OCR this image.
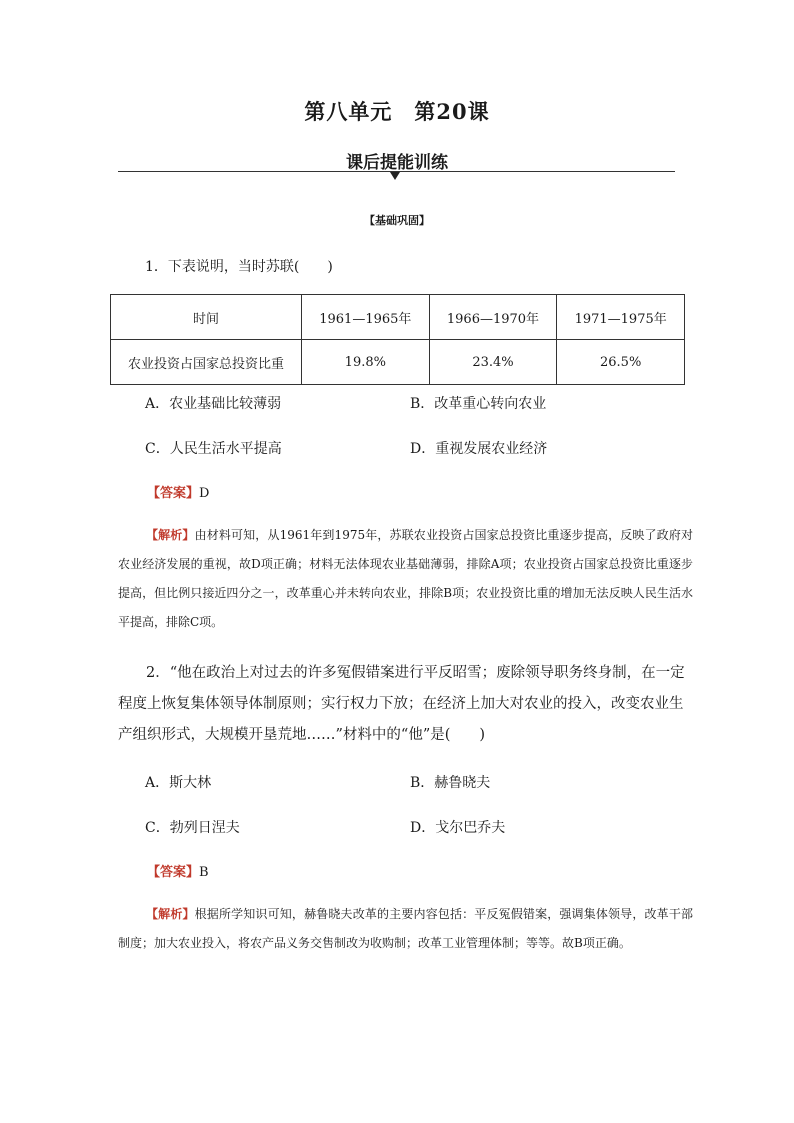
第八单元　第20课
课后提能训练
【基础巩固】
1．下表说明，当时苏联(　　)
时间	1961—1965年	1966—1970年	1971—1975年
农业投资占国家总投资比重	19.8%	23.4%	26.5%
A．农业基础比较薄弱	B．改革重心转向农业
C．人民生活水平提高	D．重视发展农业经济
【答案】D
【解析】由材料可知，从1961年到1975年，苏联农业投资占国家总投资比重逐步提高，反映了政府对农业经济发展的重视，故D项正确；材料无法体现农业基础薄弱，排除A项；农业投资占国家总投资比重逐步提高，但比例只接近四分之一，改革重心并未转向农业，排除B项；农业投资比重的增加无法反映人民生活水平提高，排除C项。
2．“他在政治上对过去的许多冤假错案进行平反昭雪；废除领导职务终身制，在一定程度上恢复集体领导体制原则；实行权力下放；在经济上加大对农业的投入，改变农业生产组织形式，大规模开垦荒地……”材料中的“他”是(　　)
A．斯大林	B．赫鲁晓夫
C．勃列日涅夫	D．戈尔巴乔夫
【答案】B
【解析】根据所学知识可知，赫鲁晓夫改革的主要内容包括：平反冤假错案，强调集体领导，改革干部制度；加大农业投入，将农产品义务交售制改为收购制；改革工业管理体制；等等。故B项正确。
